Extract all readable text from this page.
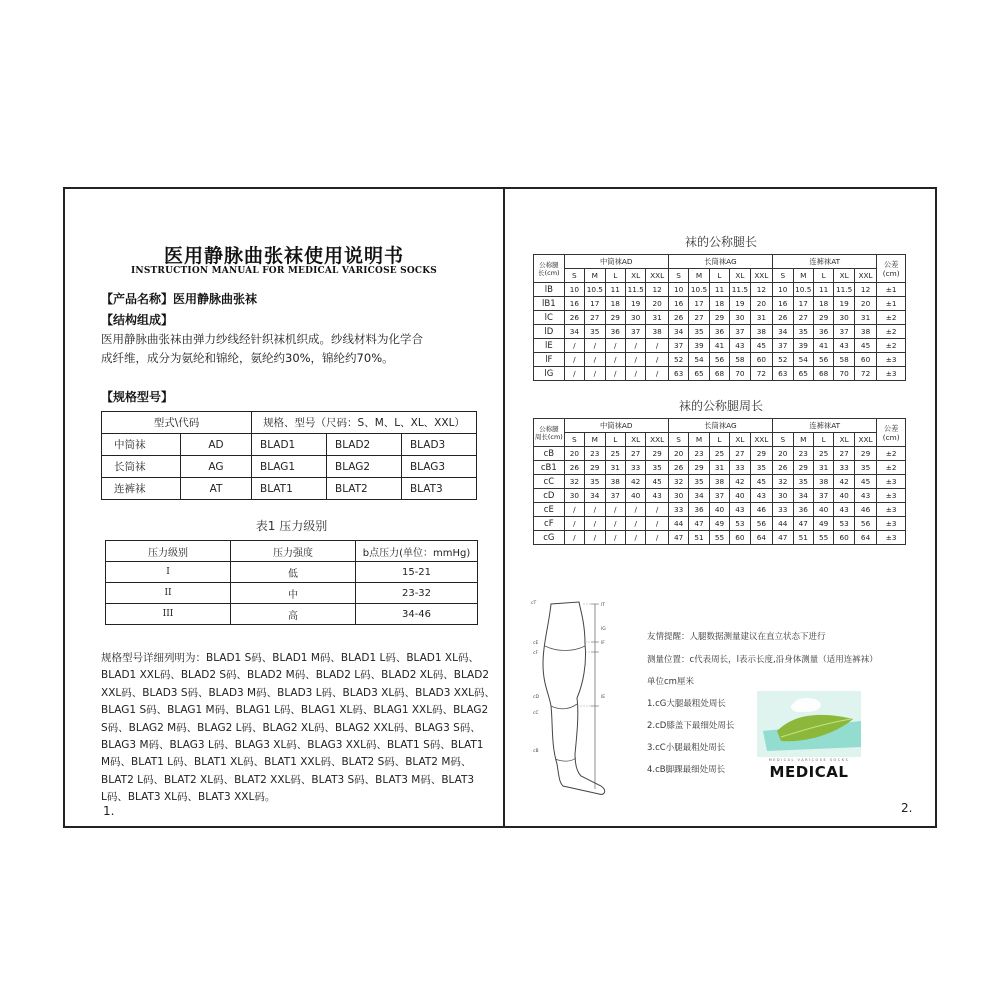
医用静脉曲张袜使用说明书
INSTRUCTION MANUAL FOR MEDICAL VARICOSE SOCKS
【产品名称】医用静脉曲张袜
【结构组成】
医用静脉曲张袜由弹力纱线经针织袜机织成。纱线材料为化学合
成纤维，成分为氨纶和锦纶，氨纶约30%，锦纶约70%。
【规格型号】
型式\代码		规格、型号（尺码：S、M、L、XL、XXL）		
中筒袜	AD	BLAD1	BLAD2	BLAD3
长筒袜	AG	BLAG1	BLAG2	BLAG3
连裤袜	AT	BLAT1	BLAT2	BLAT3
表1 压力级别
压力级别	压力强度	b点压力(单位：mmHg)
I	低	15-21
II	中	23-32
III	高	34-46
规格型号详细列明为：BLAD1 S码、BLAD1 M码、BLAD1 L码、BLAD1 XL码、
BLAD1 XXL码、BLAD2 S码、BLAD2 M码、BLAD2 L码、BLAD2 XL码、BLAD2
XXL码、BLAD3 S码、BLAD3 M码、BLAD3 L码、BLAD3 XL码、BLAD3 XXL码、
BLAG1 S码、BLAG1 M码、BLAG1 L码、BLAG1 XL码、BLAG1 XXL码、BLAG2
S码、BLAG2 M码、BLAG2 L码、BLAG2 XL码、BLAG2 XXL码、BLAG3 S码、
BLAG3 M码、BLAG3 L码、BLAG3 XL码、BLAG3 XXL码、BLAT1 S码、BLAT1
M码、BLAT1 L码、BLAT1 XL码、BLAT1 XXL码、BLAT2 S码、BLAT2 M码、
BLAT2 L码、BLAT2 XL码、BLAT2 XXL码、BLAT3 S码、BLAT3 M码、BLAT3
L码、BLAT3 XL码、BLAT3 XXL码。
1.
袜的公称腿长
公称腿
长(cm)	中筒袜AD					长筒袜AG					连裤袜AT					公差
(cm)
	S	M	L	XL	XXL	S	M	L	XL	XXL	S	M	L	XL	XXL	
lB	10	10.5	11	11.5	12	10	10.5	11	11.5	12	10	10.5	11	11.5	12	±1
lB1	16	17	18	19	20	16	17	18	19	20	16	17	18	19	20	±1
lC	26	27	29	30	31	26	27	29	30	31	26	27	29	30	31	±2
lD	34	35	36	37	38	34	35	36	37	38	34	35	36	37	38	±2
lE	/	/	/	/	/	37	39	41	43	45	37	39	41	43	45	±2
lF	/	/	/	/	/	52	54	56	58	60	52	54	56	58	60	±3
lG	/	/	/	/	/	63	65	68	70	72	63	65	68	70	72	±3
袜的公称腿周长
公称腿
周长(cm)	中筒袜AD					长筒袜AG					连裤袜AT					公差
(cm)
	S	M	L	XL	XXL	S	M	L	XL	XXL	S	M	L	XL	XXL	
cB	20	23	25	27	29	20	23	25	27	29	20	23	25	27	29	±2
cB1	26	29	31	33	35	26	29	31	33	35	26	29	31	33	35	±2
cC	32	35	38	42	45	32	35	38	42	45	32	35	38	42	45	±3
cD	30	34	37	40	43	30	34	37	40	43	30	34	37	40	43	±3
cE	/	/	/	/	/	33	36	40	43	46	33	36	40	43	46	±3
cF	/	/	/	/	/	44	47	49	53	56	44	47	49	53	56	±3
cG	/	/	/	/	/	47	51	55	60	64	47	51	55	60	64	±3
cT
cE
cF
cD
cC
cB
lT
lG
lF
lE
友情提醒：人腿数据测量建议在直立状态下进行
测量位置：c代表周长，l表示长度,沿身体测量（适用连裤袜）
单位cm厘米
1.cG大腿最粗处周长
2.cD膝盖下最细处周长
3.cC小腿最粗处周长
4.cB脚踝最细处周长
MEDICAL VARICOSE SOCKS
MEDICAL
2.
